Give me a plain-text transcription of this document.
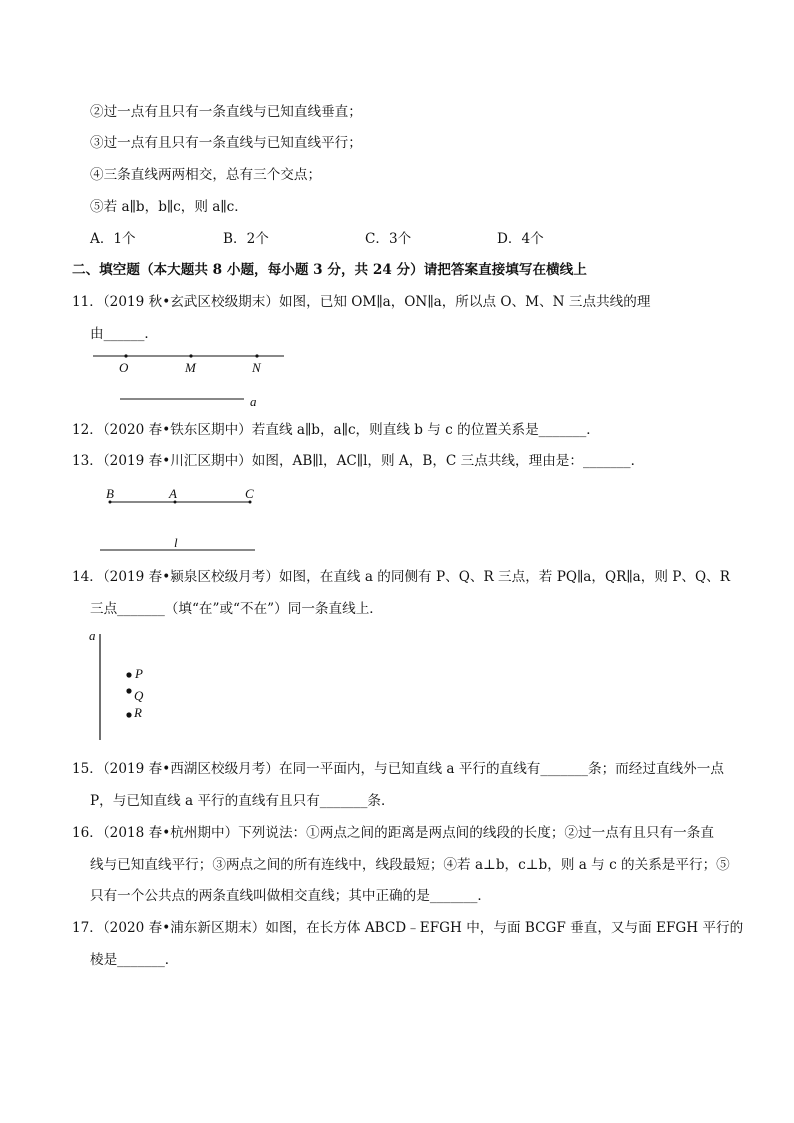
②过一点有且只有一条直线与已知直线垂直；
③过一点有且只有一条直线与已知直线平行；
④三条直线两两相交，总有三个交点；
⑤若 a∥b，b∥c，则 a∥c．
A．1个	B．2个	C．3个	D．4个
二、填空题（本大题共 8 小题，每小题 3 分，共 24 分）请把答案直接填写在横线上
11．（2019 秋•玄武区校级期末）如图，已知 OM∥a，ON∥a，所以点 O、M、N 三点共线的理
由______．
O	M	N
a
12．（2020 春•铁东区期中）若直线 a∥b，a∥c，则直线 b 与 c 的位置关系是_______．
13．（2019 春•川汇区期中）如图，AB∥l，AC∥l，则 A，B，C 三点共线，理由是：_______．
B	A	C
l
14．（2019 春•颍泉区校级月考）如图，在直线 a 的同侧有 P、Q、R 三点，若 PQ∥a，QR∥a，则 P、Q、R
三点_______（填“在”或“不在”）同一条直线上．
a
P
Q
R
15．（2019 春•西湖区校级月考）在同一平面内，与已知直线 a 平行的直线有_______条；而经过直线外一点
P，与已知直线 a 平行的直线有且只有_______条．
16．（2018 春•杭州期中）下列说法：①两点之间的距离是两点间的线段的长度；②过一点有且只有一条直
线与已知直线平行；③两点之间的所有连线中，线段最短；④若 a⊥b，c⊥b，则 a 与 c 的关系是平行；⑤
只有一个公共点的两条直线叫做相交直线；其中正确的是_______．
17．（2020 春•浦东新区期末）如图，在长方体 ABCD﹣EFGH 中，与面 BCGF 垂直，又与面 EFGH 平行的
棱是_______．
